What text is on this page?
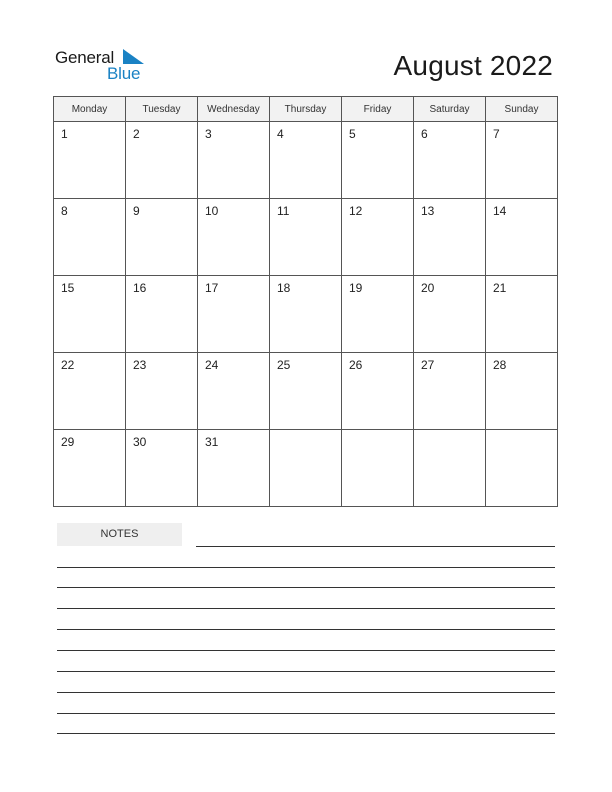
General
Blue	August 2022
Monday	Tuesday	Wednesday	Thursday	Friday	Saturday	Sunday

1	2	3	4	5	6	7

8	9	10	11	12	13	14

15	16	17	18	19	20	21

22	23	24	25	26	27	28

29	30	31				

NOTES
